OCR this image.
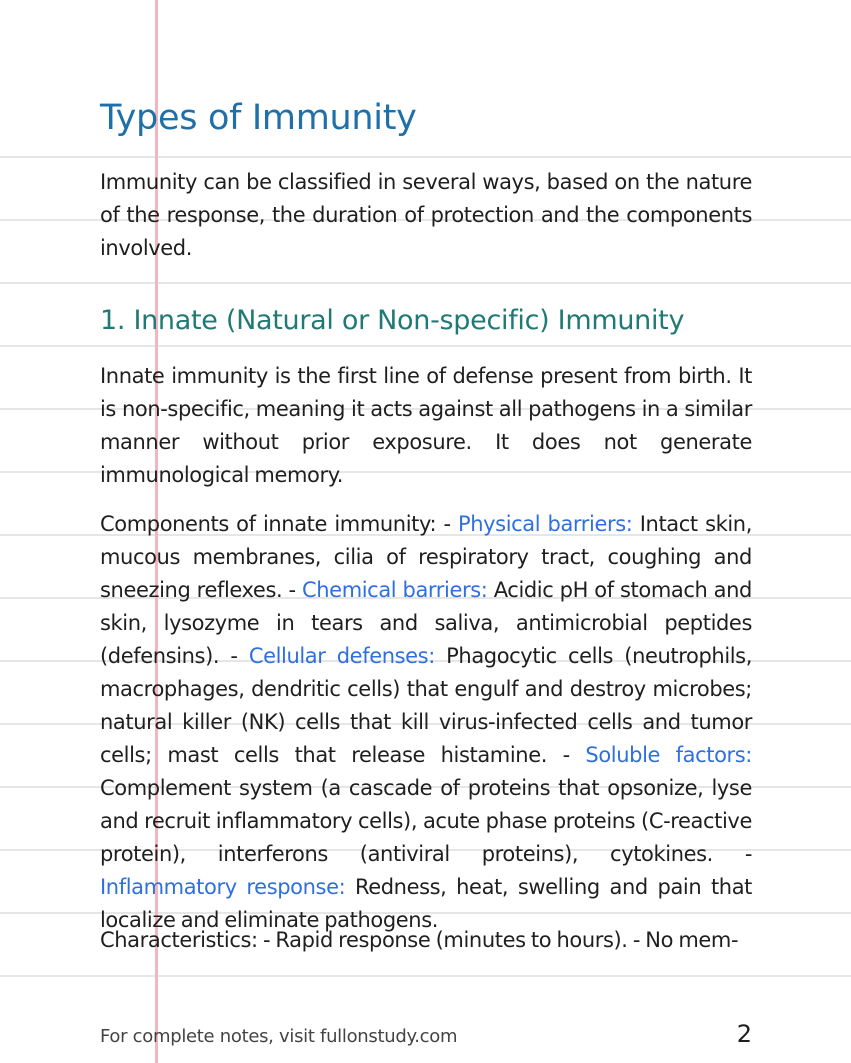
Types of Immunity

Immunity can be classified in several ways, based on the nature of the response, the duration of protection and the components involved.

1. Innate (Natural or Non-specific) Immunity

Innate immunity is the first line of defense present from birth. It is non-specific, meaning it acts against all pathogens in a similar manner without prior exposure. It does not generate immunological memory.

Components of innate immunity: - Physical barriers: Intact skin, mucous membranes, cilia of respiratory tract, coughing and sneezing reflexes. - Chemical barriers: Acidic pH of stomach and skin, lysozyme in tears and saliva, antimicrobial peptides (defensins). - Cellular defenses: Phagocytic cells (neutrophils, macrophages, dendritic cells) that engulf and destroy microbes; natural killer (NK) cells that kill virus-infected cells and tumor cells; mast cells that release histamine. - Soluble factors: Complement system (a cascade of proteins that opsonize, lyse and recruit inflammatory cells), acute phase proteins (C-reactive protein), interferons (antiviral proteins), cytokines. - Inflammatory response: Redness, heat, swelling and pain that localize and eliminate pathogens.

Characteristics: - Rapid response (minutes to hours). - No mem-

For complete notes, visit fullonstudy.com	2
